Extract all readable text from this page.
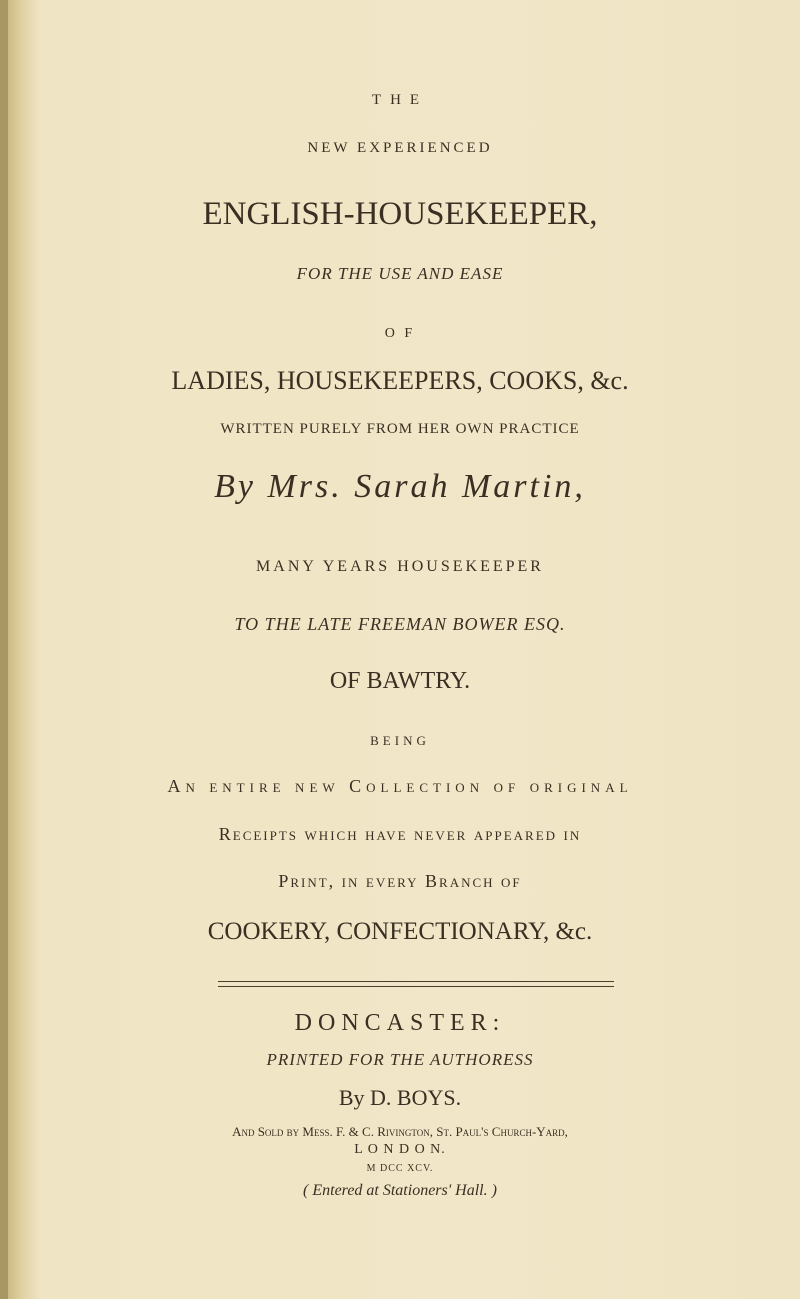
THE
NEW EXPERIENCED
ENGLISH-HOUSEKEEPER,
FOR THE USE AND EASE
O F
LADIES, HOUSEKEEPERS, COOKS, &c.
WRITTEN PURELY FROM HER OWN PRACTICE
By Mrs. Sarah Martin,
MANY YEARS HOUSEKEEPER
TO THE LATE FREEMAN BOWER ESQ.
OF BAWTRY.
BEING
An entire new Collection of original
Receipts which have never appeared in
Print, in every Branch of
COOKERY, CONFECTIONARY, &c.
DONCASTER:
PRINTED FOR THE AUTHORESS
By D. BOYS.
And Sold by Mess. F. & C. Rivington, St. Paul's Church-Yard,
L O N D O N.
M DCC XCV.
( Entered at Stationers' Hall. )
